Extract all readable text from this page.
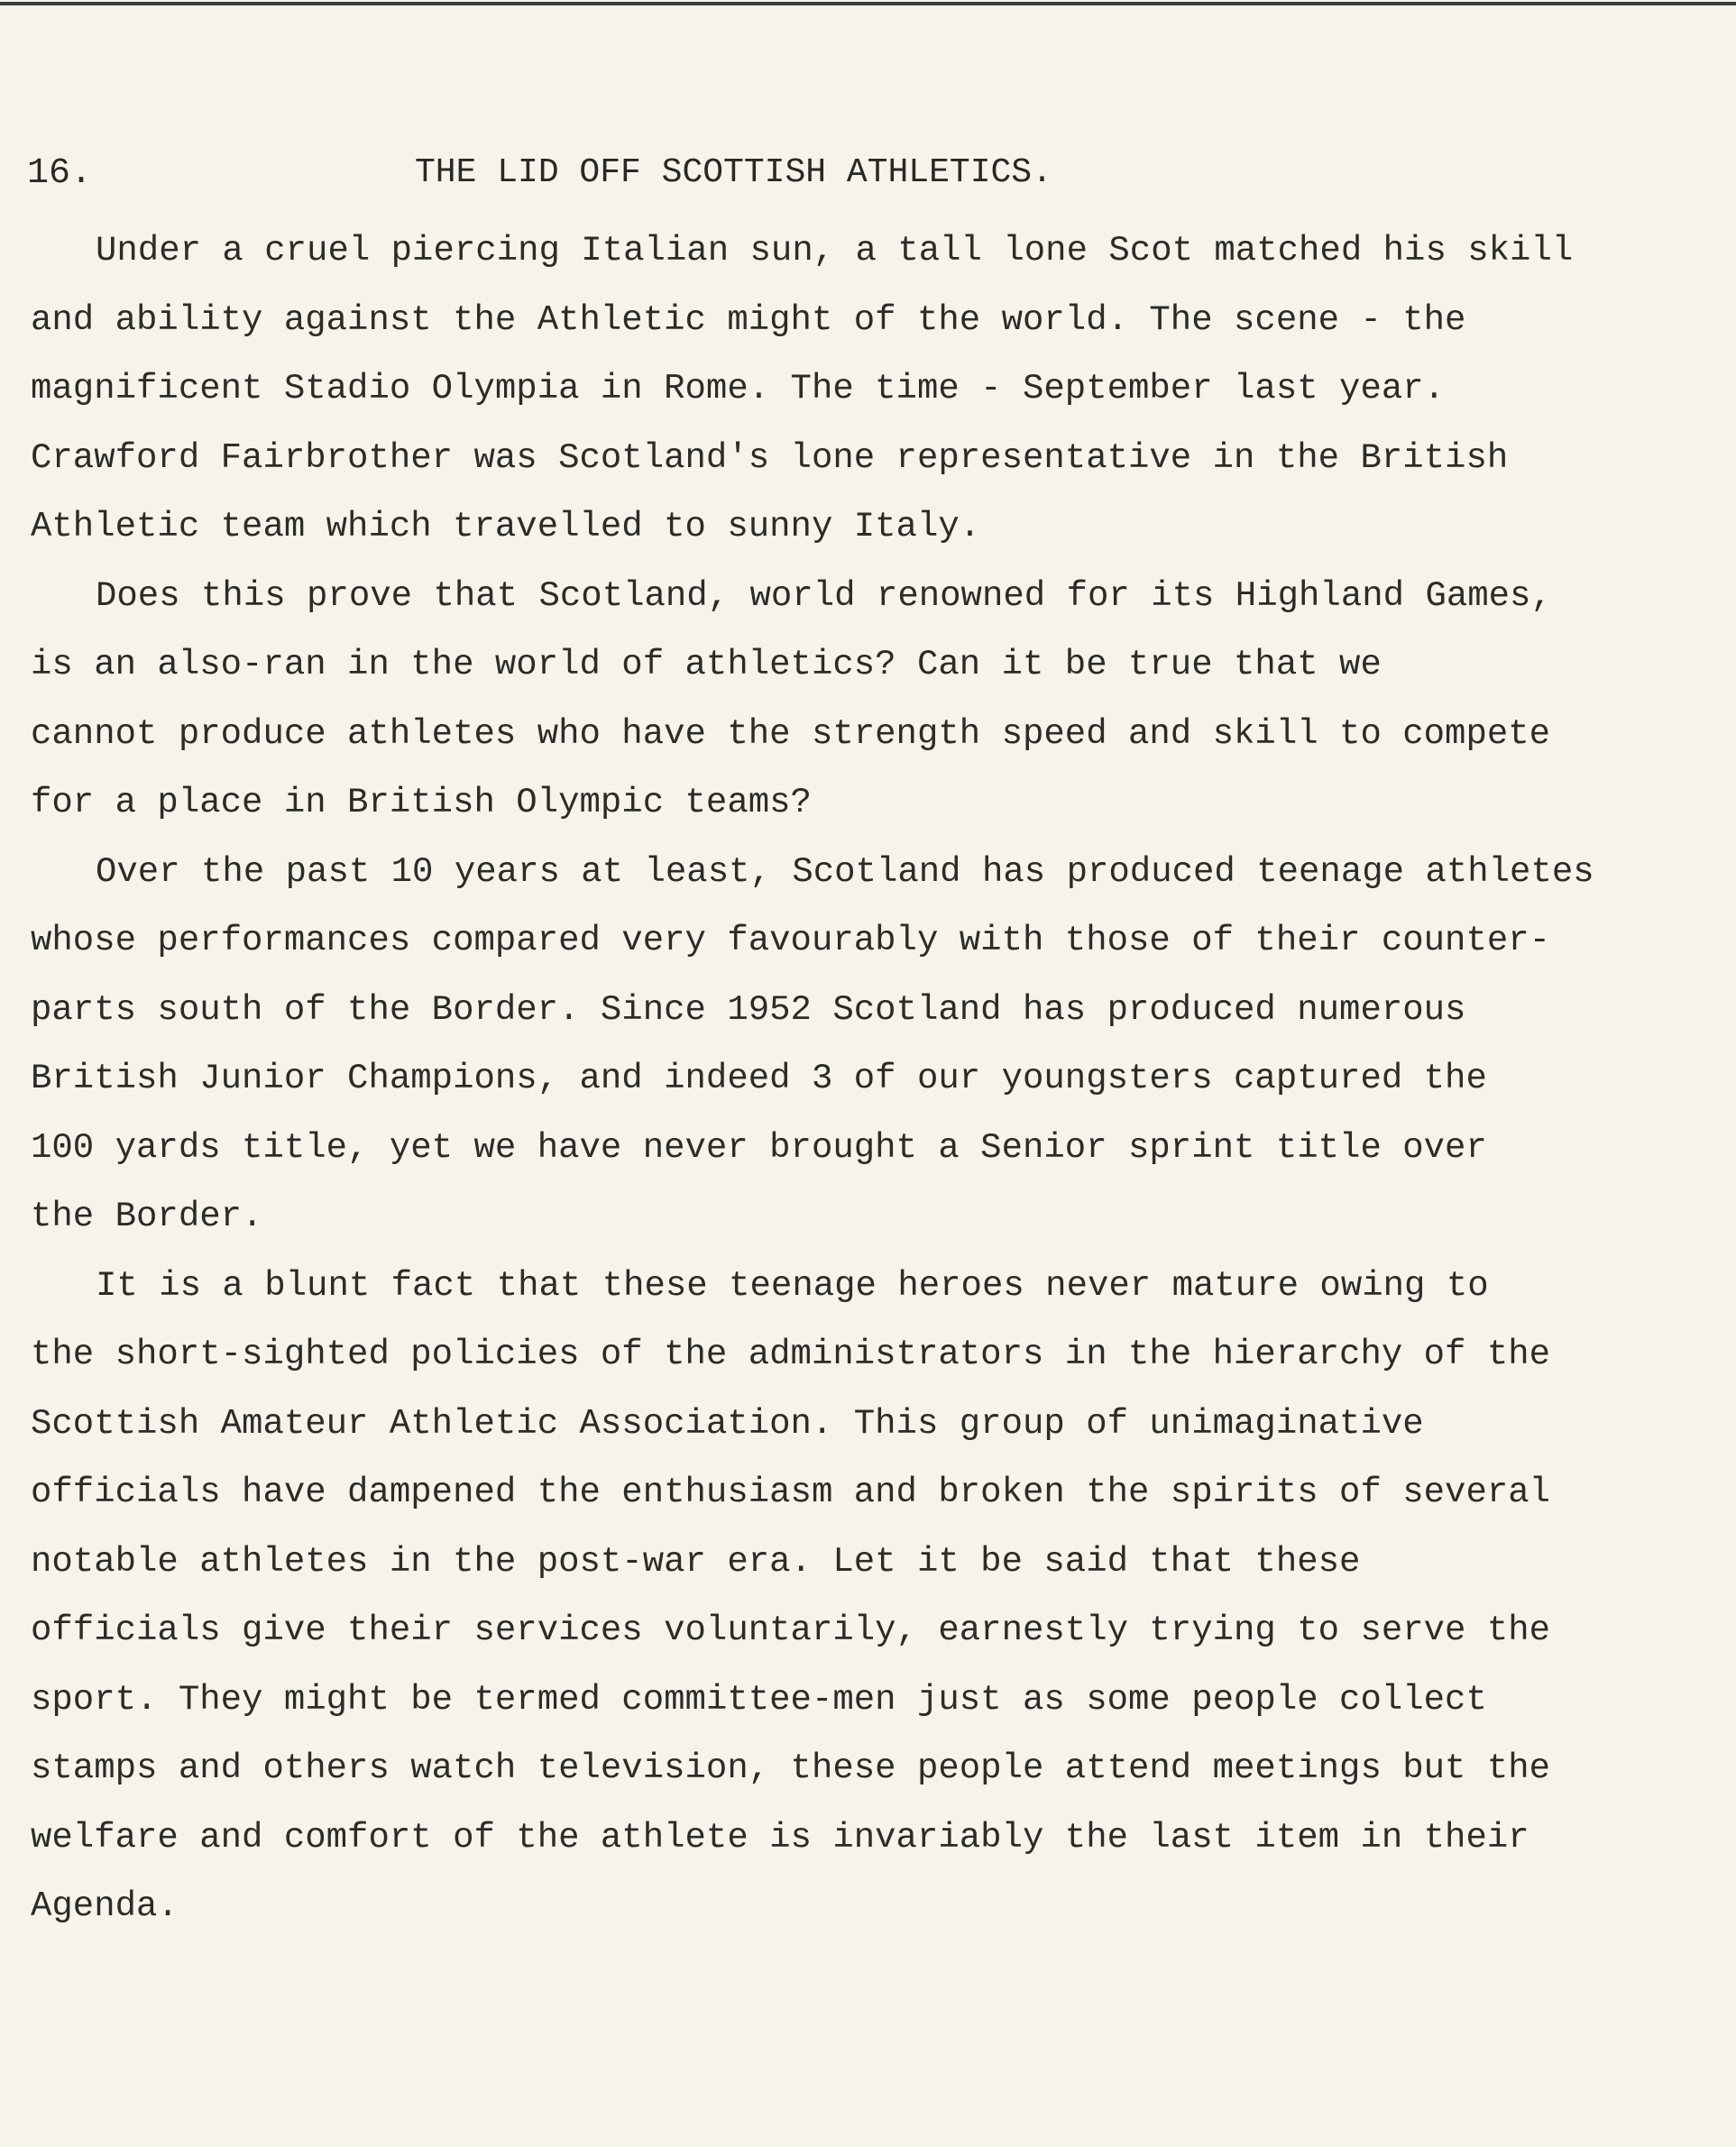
16.	THE LID OFF SCOTTISH ATHLETICS.
Under a cruel piercing Italian sun, a tall lone Scot matched his skill
and ability against the Athletic might of the world. The scene - the
magnificent Stadio Olympia in Rome. The time - September last year.
Crawford Fairbrother was Scotland's lone representative in the British
Athletic team which travelled to sunny Italy.
Does this prove that Scotland, world renowned for its Highland Games,
is an also-ran in the world of athletics? Can it be true that we
cannot produce athletes who have the strength speed and skill to compete
for a place in British Olympic teams?
Over the past 10 years at least, Scotland has produced teenage athletes
whose performances compared very favourably with those of their counter-
parts south of the Border. Since 1952 Scotland has produced numerous
British Junior Champions, and indeed 3 of our youngsters captured the
100 yards title, yet we have never brought a Senior sprint title over
the Border.
It is a blunt fact that these teenage heroes never mature owing to
the short-sighted policies of the administrators in the hierarchy of the
Scottish Amateur Athletic Association. This group of unimaginative
officials have dampened the enthusiasm and broken the spirits of several
notable athletes in the post-war era. Let it be said that these
officials give their services voluntarily, earnestly trying to serve the
sport. They might be termed committee-men just as some people collect
stamps and others watch television, these people attend meetings but the
welfare and comfort of the athlete is invariably the last item in their
Agenda.
